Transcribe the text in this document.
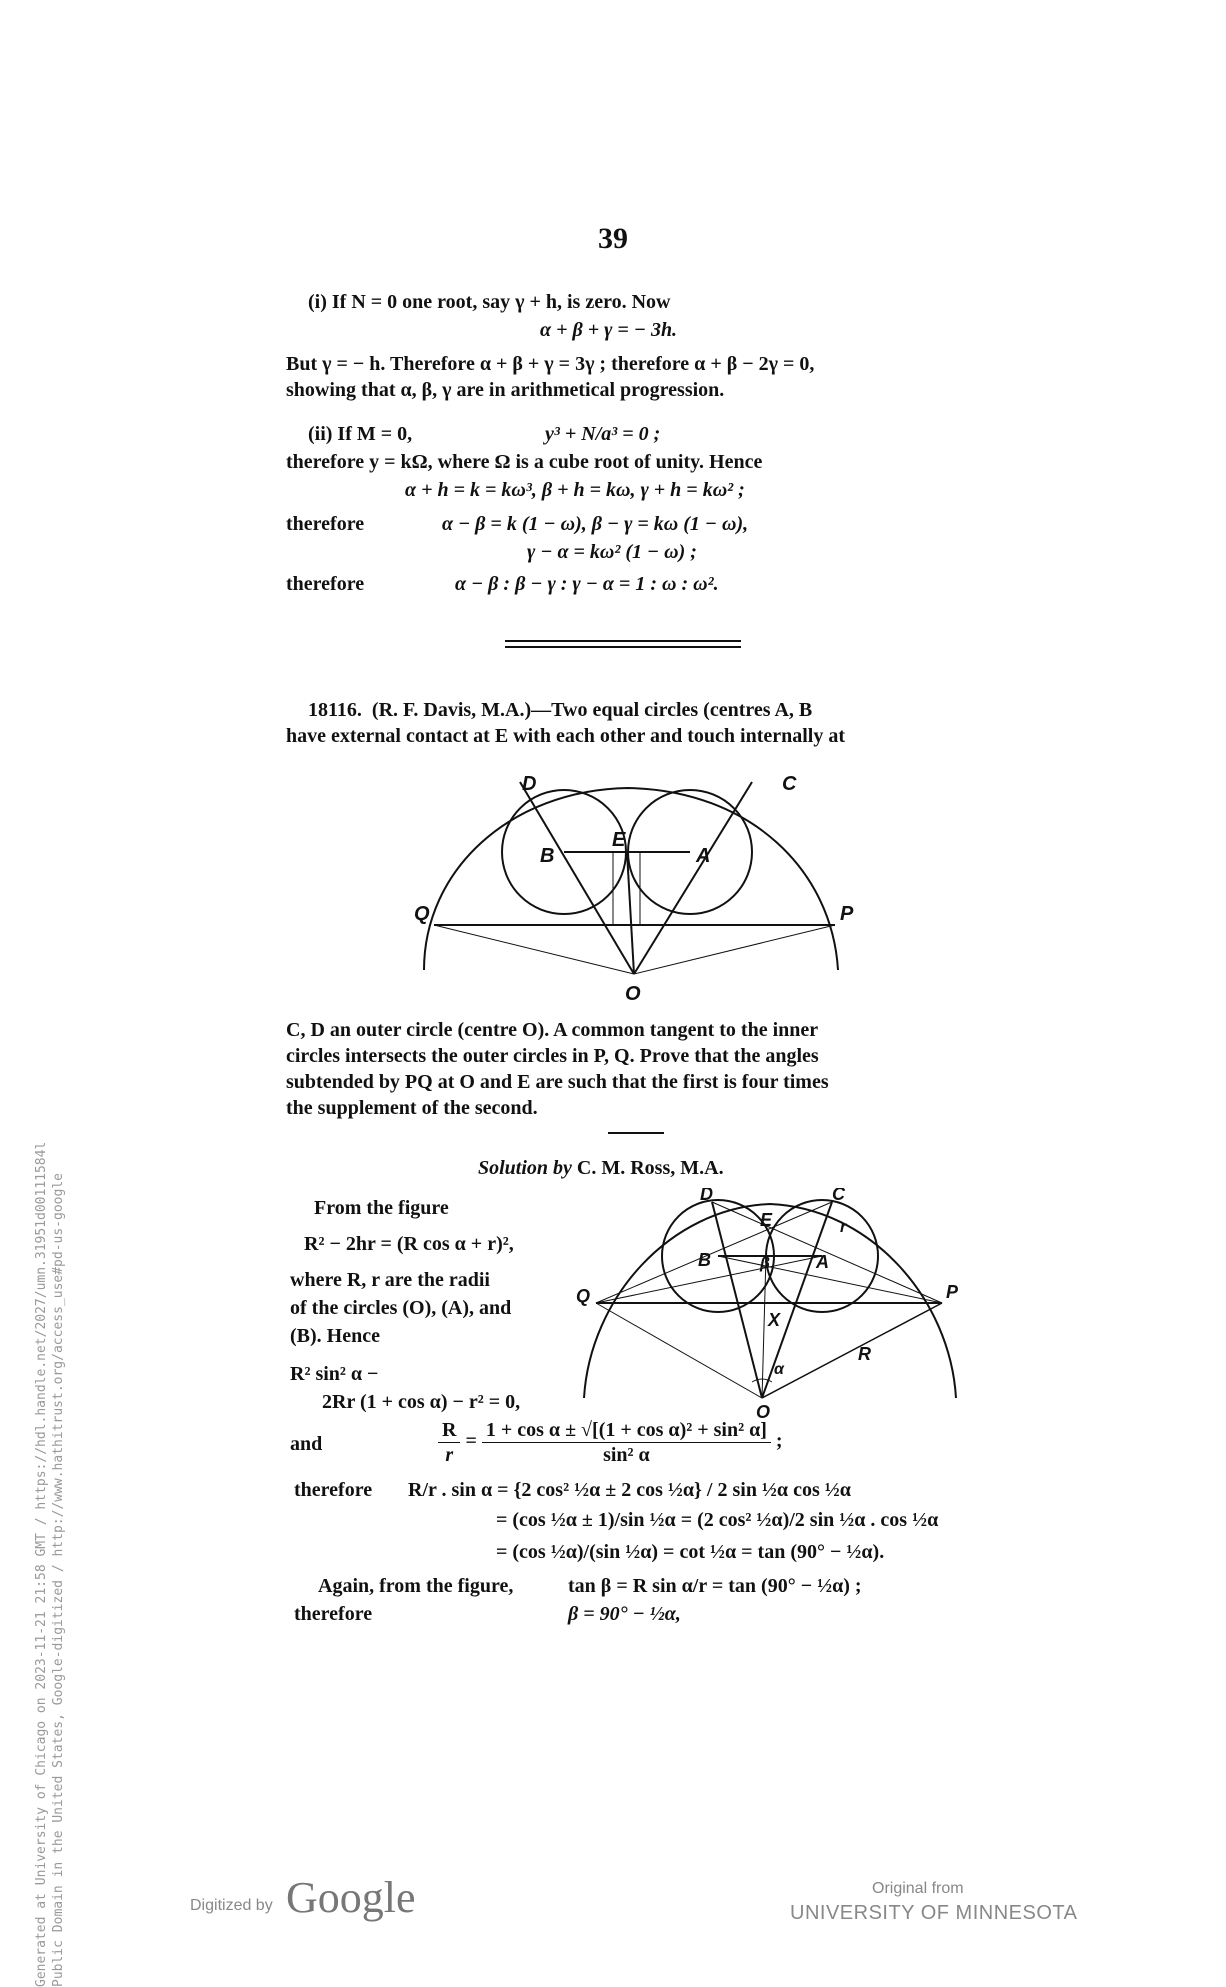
39
(i) If N = 0 one root, say γ + h, is zero. Now
α + β + γ = − 3h.
But γ = − h. Therefore α + β + γ = 3γ ; therefore α + β − 2γ = 0,
showing that α, β, γ are in arithmetical progression.
(ii) If M = 0,	y³ + N/a³ = 0 ;
therefore y = kΩ, where Ω is a cube root of unity. Hence
α + h = k = kω³, β + h = kω, γ + h = kω² ;
therefore	α − β = k (1 − ω), β − γ = kω (1 − ω),
γ − α = kω² (1 − ω) ;
therefore	α − β : β − γ : γ − α = 1 : ω : ω².
18116. (R. F. Davis, M.A.)—Two equal circles (centres A, B
have external contact at E with each other and touch internally at
D	C
B
E
A
Q	P
O
C, D an outer circle (centre O). A common tangent to the inner
circles intersects the outer circles in P, Q. Prove that the angles
subtended by PQ at O and E are such that the first is four times
the supplement of the second.
Solution by C. M. Ross, M.A.
From the figure
R² − 2hr = (R cos α + r)²,
where R, r are the radii
of the circles (O), (A), and
(B). Hence
R² sin² α −
2Rr (1 + cos α) − r² = 0,
D	C
E	r
B	β	A
Q	P
X
R
α
O
and	$\frac{R}{r} = \frac{\text{1 + cos α ± √[(1 + cos α)² + sin² α]}}{\text{sin² α}}$ ;
therefore R/r . sin α = {2 cos² ½α ± 2 cos ½α} / 2 sin ½α cos ½α
= (cos ½α ± 1)/sin ½α = (2 cos² ½α)/2 sin ½α . cos ½α
= (cos ½α)/(sin ½α) = cot ½α = tan (90° − ½α).
Again, from the figure,	tan β = R sin α/r = tan (90° − ½α) ;
therefore	β = 90° − ½α,
Generated at University of Chicago on 2023-11-21 21:58 GMT / https://hdl.handle.net/2027/umn.31951d00111584l Public Domain in the United States, Google-digitized / http://www.hathitrust.org/access_use#pd-us-google	Digitized by Google	Original from
UNIVERSITY OF MINNESOTA
